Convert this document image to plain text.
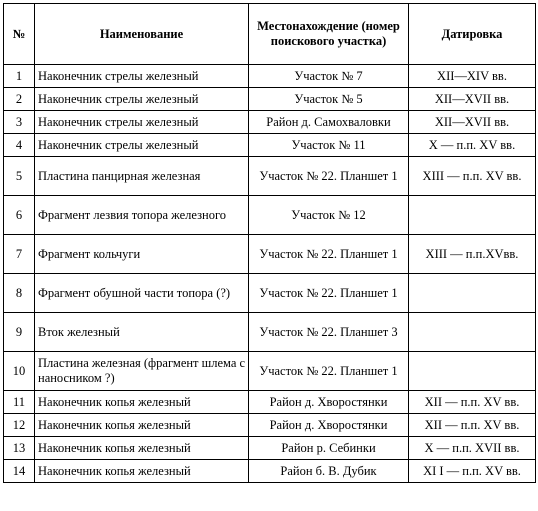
№	Наименование	Местонахождение (номер поискового участка)	Датировка
1	Наконечник стрелы железный	Участок № 7	XII—XIV вв.
2	Наконечник стрелы железный	Участок № 5	XII—XVII вв.
3	Наконечник стрелы железный	Район д. Самохваловки	XII—XVII вв.
4	Наконечник стрелы железный	Участок № 11	X — п.п. XV вв.
5	Пластина панцирная железная	Участок № 22. Планшет 1	XIII — п.п. XV вв.
6	Фрагмент лезвия топора железного	Участок № 12	
7	Фрагмент кольчуги	Участок № 22. Планшет 1	XIII — п.п.XVвв.
8	Фрагмент обушной части топора (?)	Участок № 22. Планшет 1	
9	Вток железный	Участок № 22. Планшет 3	
10	Пластина железная (фрагмент шлема с наносником ?)	Участок № 22. Планшет 1	
11	Наконечник копья железный	Район д. Хворостянки	XII — п.п. XV вв.
12	Наконечник копья железный	Район д. Хворостянки	XII — п.п. XV вв.
13	Наконечник копья железный	Район р. Себинки	X — п.п. XVII вв.
14	Наконечник копья железный	Район б. В. Дубик	XI I — п.п. XV вв.
